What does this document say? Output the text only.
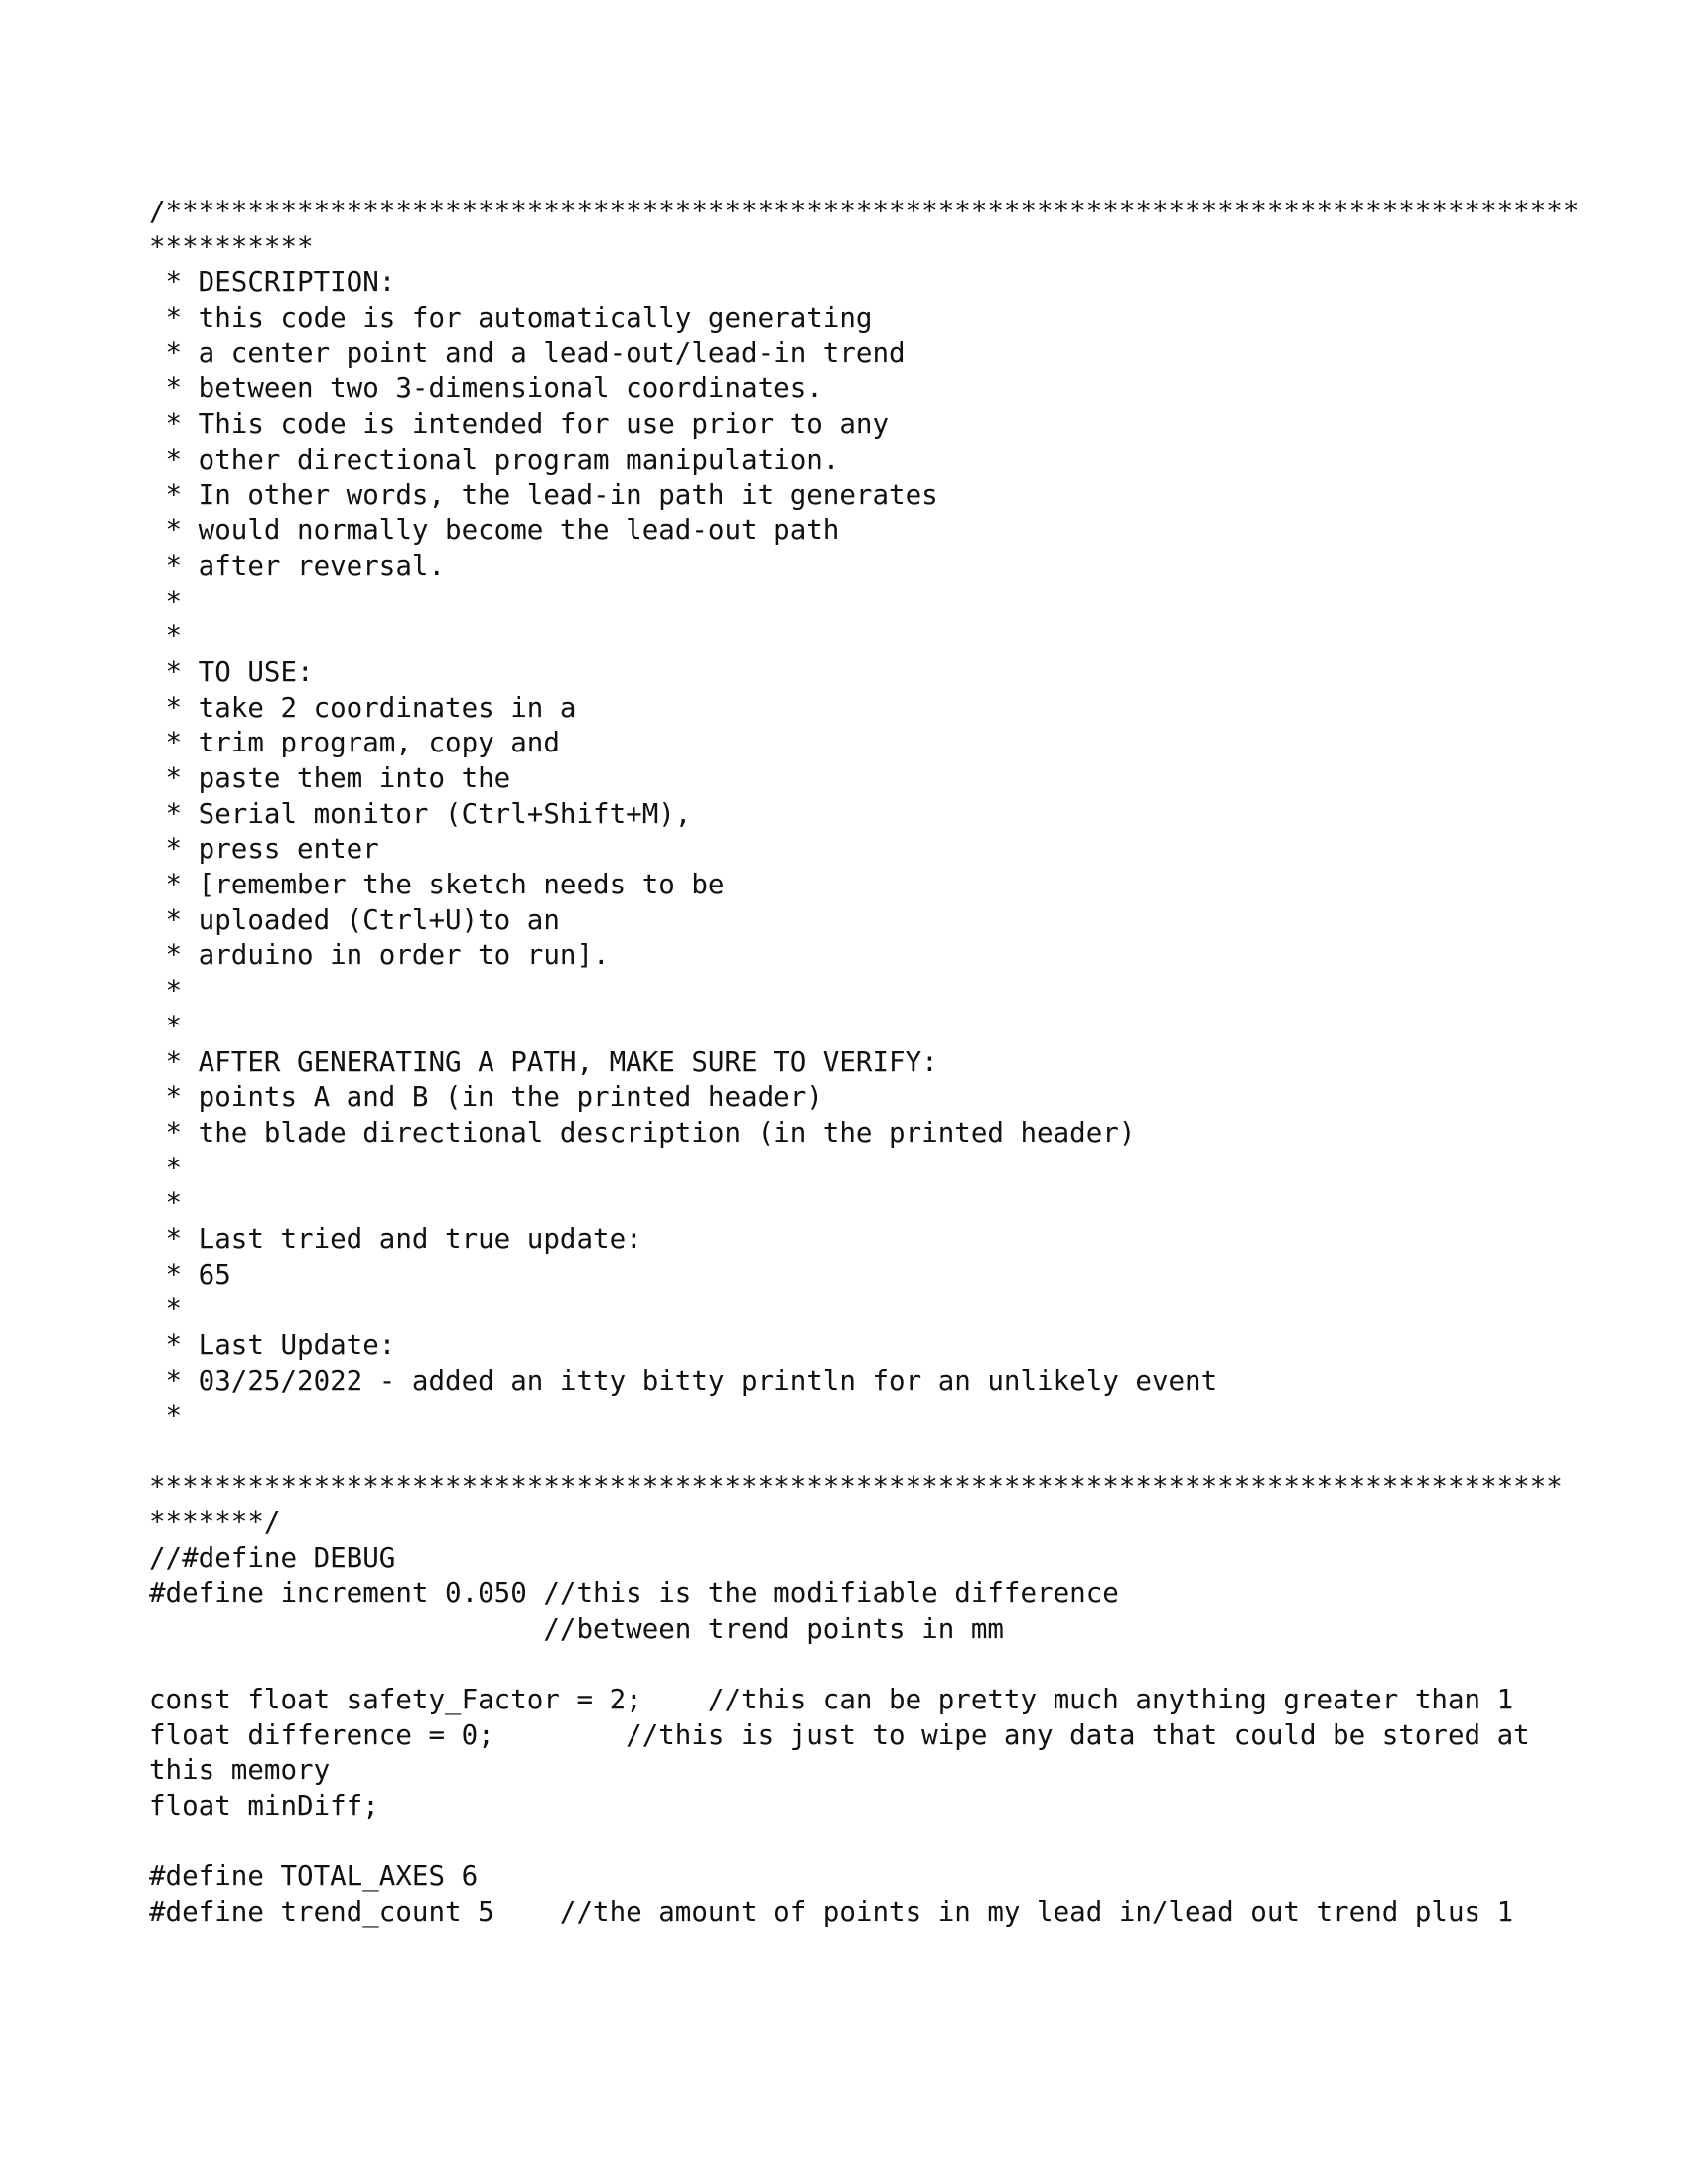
/**************************************************************************************
**********
* DESCRIPTION:
* this code is for automatically generating
* a center point and a lead-out/lead-in trend
* between two 3-dimensional coordinates.
* This code is intended for use prior to any
* other directional program manipulation.
* In other words, the lead-in path it generates
* would normally become the lead-out path
* after reversal.
*
*
* TO USE:
* take 2 coordinates in a
* trim program, copy and
* paste them into the
* Serial monitor (Ctrl+Shift+M),
* press enter
* [remember the sketch needs to be
* uploaded (Ctrl+U)to an
* arduino in order to run].
*
*
* AFTER GENERATING A PATH, MAKE SURE TO VERIFY:
* points A and B (in the printed header)
* the blade directional description (in the printed header)
*
*
* Last tried and true update:
* 65
*
* Last Update:
* 03/25/2022 - added an itty bitty println for an unlikely event
*
**************************************************************************************
*******/
//#define DEBUG
#define increment 0.050 //this is the modifiable difference
//between trend points in mm
const float safety_Factor = 2;    //this can be pretty much anything greater than 1
float difference = 0;        //this is just to wipe any data that could be stored at
this memory
float minDiff;
#define TOTAL_AXES 6
#define trend_count 5    //the amount of points in my lead in/lead out trend plus 1
